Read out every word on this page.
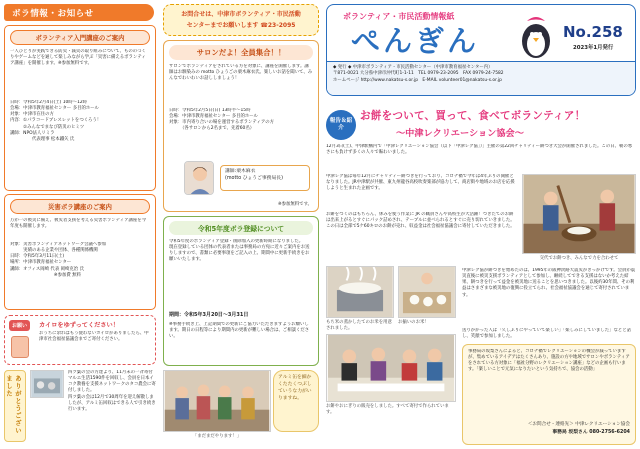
ボラ情報・お知らせ
ボランティア入門講座のご案内
一人ひとりが実践できる防災・減災の取り組みについて、もののづくりやゲームなどを通して楽しみながら学ぶ「災害に備えるボランティア講座」を開催します。※参加無料です。
日時：令和5年2月4日(土) 10時～12時
会場：中津市教育福祉センター 多目的ホール
対象：中津市在住の方
内容：①パラコードブレスレットをつくろう！
　　　②みんなでまなび防災のヒミツ
講師：NPO法人リミラ
　　　　　代表理事 松本鐵矢 氏
災害ボラ講座のご案内
万が一の被災に備え、被災者支援を考える災害ボランティア講座を今年度も開催します。
対象：災害ボランティアネットワーク会議へ参加
　　　実績のある企業や団体、各種関係機関
日時：令和5年3月11日(土)
場所：中津市教育福祉センター
講師：オフィス岡崎 代表 岡崎克治 氏
　　　　　　　　　　※参加費 無料
お願い	カイロをゆずってください！
おうちに余ればもう使わないカイロがありましたら、中津市社会福祉協議会までご寄付ください。
ありがとうございました
四ツ葉の会の方達より、11月末の一斉寄付マルエ生活1590件を回収し、会員を日本イコク教養を支援ネットワークのタコ農会に寄付しました。
四ツ葉の会は12月で30周年を迎え解散しましたが、アルミ缶回収はできる人で引き続き行います。
お問合せは、中津市ボランティア・市民活動
センターまでお願いします ☎23-2095
サロンだよ！全員集合！！
サロンでボランティアをされている方を対象に、講座を開催します。講師はお馴染みの motto ひょうごの栗木麻衣氏。楽しいお話を聞いて、みんなでわいわいお話ししましょう！
日時：令和5年2月5日(日) 13時半～15時
会場：中津市教育福祉センター 多目的ホール
対象：市内寄り合いの場を運営するボランティアの方
　　　（各サロンから2名まで、先着60名）
講師:栗木麻衣
(motto ひょうご事務局長)
※参加無料です。
令和5年度ボラ登録について
令和5年度のボランティア登録・削除加入の更新時期になりました。
現在登録している団体の代表者または事務局の方宛に近々ご案内をお送りしますので、書類に必要事項をご記入の上、期間中に更新手続きをお願いいたします。
期間：令和5年3月20日～3月31日
※事務手続き上、上記期間での更新にご協力いただきますようお願いします。期日の日程等により期間内の更新が難しい場合は、ご相談ください。
「まだまだやります！」
アルミ缶を細かくたたくつぶしていうな力がいりますね。
ボランティア・市民活動情報紙
ぺんぎん	No.258
2023年1月発行
◆ 発行 ◆ 中津市ボランティア・市民活動センター（中津市教育福祉センター内）
〒871-0021 大分県中津市沖代町1-1-11　TEL 0979-23-2095　FAX 0979-24-7582
ホームページ http://www.nakatsu-s.or.jp　E-MAIL volunteer01@nakatsu-s.or.jp
報告＆紹介
お餅をついて、買って、食べてボランティア！
～中津レクリエーション協会～
12月3日(土)、中津駅構内で「中津レクリエーション協会（以下「中津レク協」）」主催の第22回チャリティー餅つき大会が開催されました。この日、朝の寒さにも負けず多くの人々で賑わいました。
中津レク協は毎年12月にチャリティー餅つきを行っており、コロナ禍で今年は4年ぶりの開催となりました。JR中津駅が共催、東九州龍谷高校吹奏楽部が協力して、商店街や地域のお店を応援しようと生まれた企画です。
お餅をつくのはもちろん、休みを使う作業に JR の職員さんや高校生が大活躍！つきたてのお餅は出来上がるとすぐにパック詰めされ、テーブルに並べられるとすぐに売り切れていきました。この日は全部で5ケ60キロのお餅が売れ、収益金は社会福祉協議会に寄付していただきました。
交代でお餅つき、みんなで力を合わせて
もち米の蒸かしたてのお米を用意されました。
お揃いのお米！
中津レク協が餅つきを始めたのは、1995年の阪神淡路大震災がきっかけです。会員が震災直後に被災支援ボランティアとして参加し、継続してできる支援はないか考えた結果、餅つきを行って益金を被災地に送ることを思いつきました。以後約30年間、その利益はさまざまな被災地の復興に役立てられ、社会福祉協議会を通じて寄付されています。
送りかかった人は「久しぶりにやっていて楽しい」「楽しみにしていました」などと話し、笑顔で参加しました。
お餅やおにぎりの販売をしました。すべて寄付で作られています。
事務局の坂梨さんによると、コロナ禍でレクリエーションの機会が減っていますが、集めているアイデアはたくさんあり、施設の方や地域でサロンやボランティアをされている方対象に「福祉分野のレクリエーション講座」などの企画も行います。「楽しいことで元気になりたいという気持ちで、協会の活動」
＜お問合せ・連絡先＞ 中津レクリエーション協会
事務局 坂梨さん 080-2756-6204
